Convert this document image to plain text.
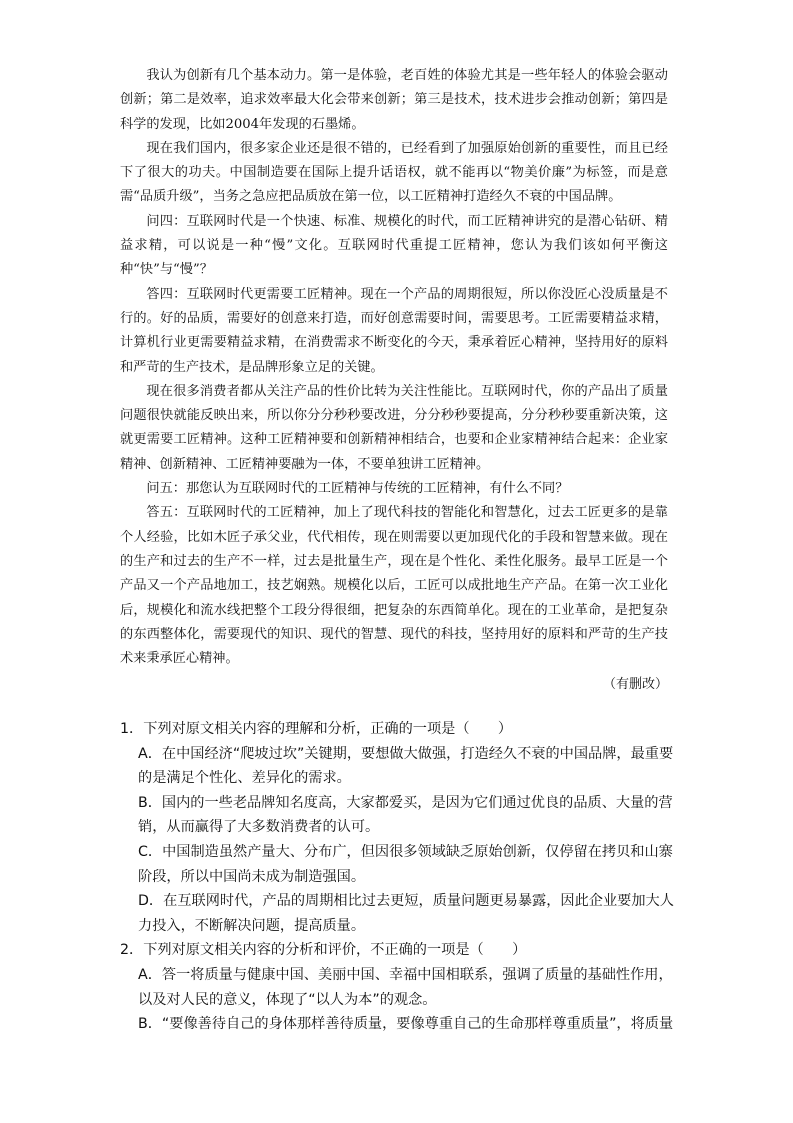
我认为创新有几个基本动力。第一是体验，老百姓的体验尤其是一些年轻人的体验会驱动创新；第二是效率，追求效率最大化会带来创新；第三是技术，技术进步会推动创新；第四是科学的发现，比如2004年发现的石墨烯。

现在我们国内，很多家企业还是很不错的，已经看到了加强原始创新的重要性，而且已经下了很大的功夫。中国制造要在国际上提升话语权，就不能再以“物美价廉”为标签，而是意需“品质升级”，当务之急应把品质放在第一位，以工匠精神打造经久不衰的中国品牌。

问四：互联网时代是一个快速、标准、规模化的时代，而工匠精神讲究的是潜心钻研、精益求精，可以说是一种“慢”文化。互联网时代重提工匠精神，您认为我们该如何平衡这种“快”与“慢”？

答四：互联网时代更需要工匠精神。现在一个产品的周期很短，所以你没匠心没质量是不行的。好的品质，需要好的创意来打造，而好创意需要时间，需要思考。工匠需要精益求精，计算机行业更需要精益求精，在消费需求不断变化的今天，秉承着匠心精神，坚持用好的原料和严苛的生产技术，是品牌形象立足的关键。

现在很多消费者都从关注产品的性价比转为关注性能比。互联网时代，你的产品出了质量问题很快就能反映出来，所以你分分秒秒要改进，分分秒秒要提高，分分秒秒要重新决策，这就更需要工匠精神。这种工匠精神要和创新精神相结合，也要和企业家精神结合起来：企业家精神、创新精神、工匠精神要融为一体，不要单独讲工匠精神。

问五：那您认为互联网时代的工匠精神与传统的工匠精神，有什么不同？

答五：互联网时代的工匠精神，加上了现代科技的智能化和智慧化，过去工匠更多的是靠个人经验，比如木匠子承父业，代代相传，现在则需要以更加现代化的手段和智慧来做。现在的生产和过去的生产不一样，过去是批量生产，现在是个性化、柔性化服务。最早工匠是一个产品又一个产品地加工，技艺娴熟。规模化以后，工匠可以成批地生产产品。在第一次工业化后，规模化和流水线把整个工段分得很细，把复杂的东西简单化。现在的工业革命，是把复杂的东西整体化，需要现代的知识、现代的智慧、现代的科技，坚持用好的原料和严苛的生产技术来秉承匠心精神。

（有删改）

1．下列对原文相关内容的理解和分析，正确的一项是（　　）

A．在中国经济“爬坡过坎”关键期，要想做大做强，打造经久不衰的中国品牌，最重要的是满足个性化、差异化的需求。

B．国内的一些老品牌知名度高，大家都爱买，是因为它们通过优良的品质、大量的营销，从而赢得了大多数消费者的认可。

C．中国制造虽然产量大、分布广，但因很多领域缺乏原始创新，仅停留在拷贝和山寨阶段，所以中国尚未成为制造强国。

D．在互联网时代，产品的周期相比过去更短，质量问题更易暴露，因此企业要加大人力投入，不断解决问题，提高质量。

2．下列对原文相关内容的分析和评价，不正确的一项是（　　）

A．答一将质量与健康中国、美丽中国、幸福中国相联系，强调了质量的基础性作用，以及对人民的意义，体现了“以人为本”的观念。

B．“要像善待自己的身体那样善待质量，要像尊重自己的生命那样尊重质量”，将质量
